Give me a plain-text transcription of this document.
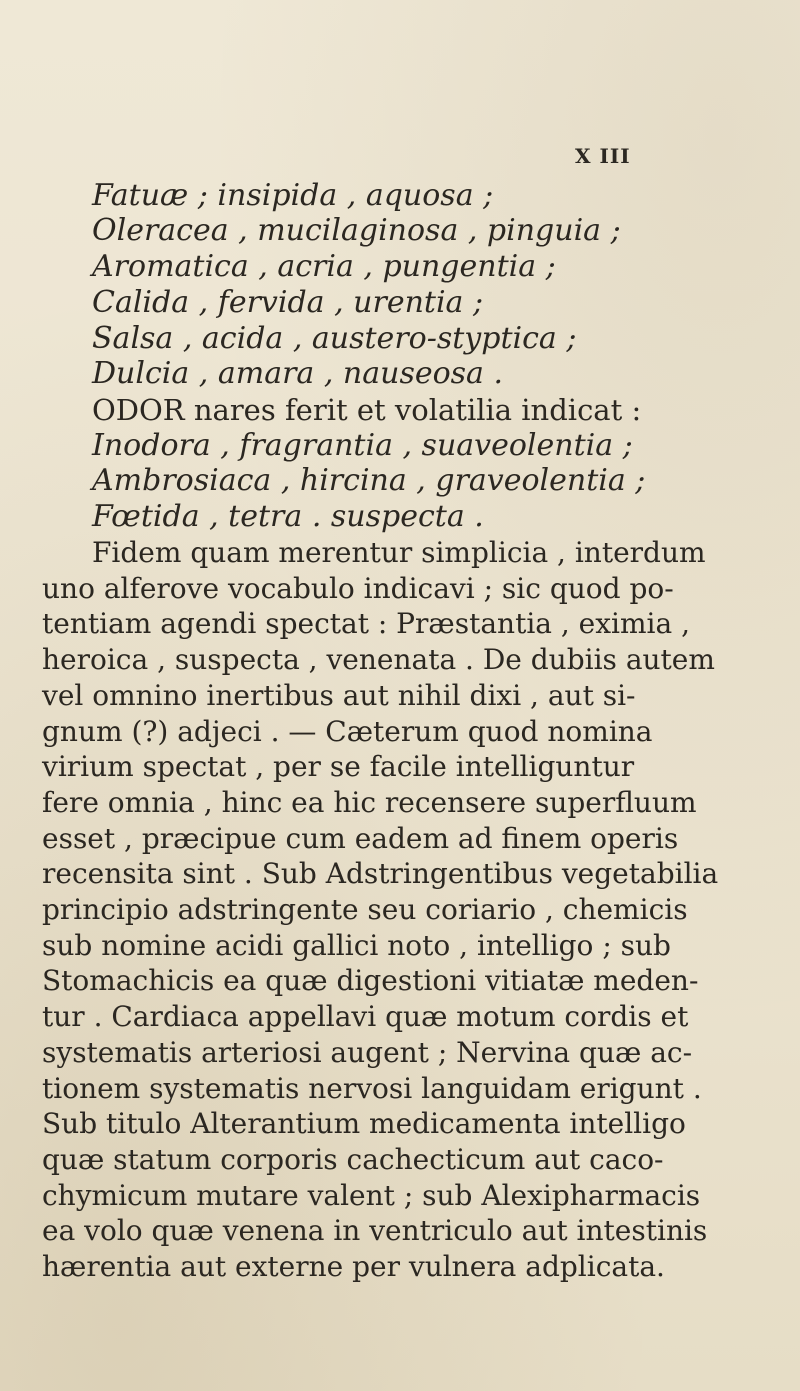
X III
Fatuæ ; insipida , aquosa ;
Oleracea , mucilaginosa , pinguia ;
Aromatica , acria , pungentia ;
Calida , fervida , urentia ;
Salsa , acida , austero-styptica ;
Dulcia , amara , nauseosa .
ODOR nares ferit et volatilia indicat :
Inodora , fragrantia , suaveolentia ;
Ambrosiaca , hircina , graveolentia ;
Fœtida , tetra . suspecta .
Fidem quam merentur simplicia , interdum
uno alferove vocabulo indicavi ; sic quod po-
tentiam agendi spectat : Præstantia , eximia ,
heroica , suspecta , venenata . De dubiis autem
vel omnino inertibus aut nihil dixi , aut si-
gnum (?) adjeci . — Cæterum quod nomina
virium spectat , per se facile intelliguntur
fere omnia , hinc ea hic recensere superfluum
esset , præcipue cum eadem ad finem operis
recensita sint . Sub Adstringentibus vegetabilia
principio adstringente seu coriario , chemicis
sub nomine acidi gallici noto , intelligo ; sub
Stomachicis ea quæ digestioni vitiatæ meden-
tur . Cardiaca appellavi quæ motum cordis et
systematis arteriosi augent ; Nervina quæ ac-
tionem systematis nervosi languidam erigunt .
Sub titulo Alterantium medicamenta intelligo
quæ statum corporis cachecticum aut caco-
chymicum mutare valent ; sub Alexipharmacis
ea volo quæ venena in ventriculo aut intestinis
hærentia aut externe per vulnera adplicata.
